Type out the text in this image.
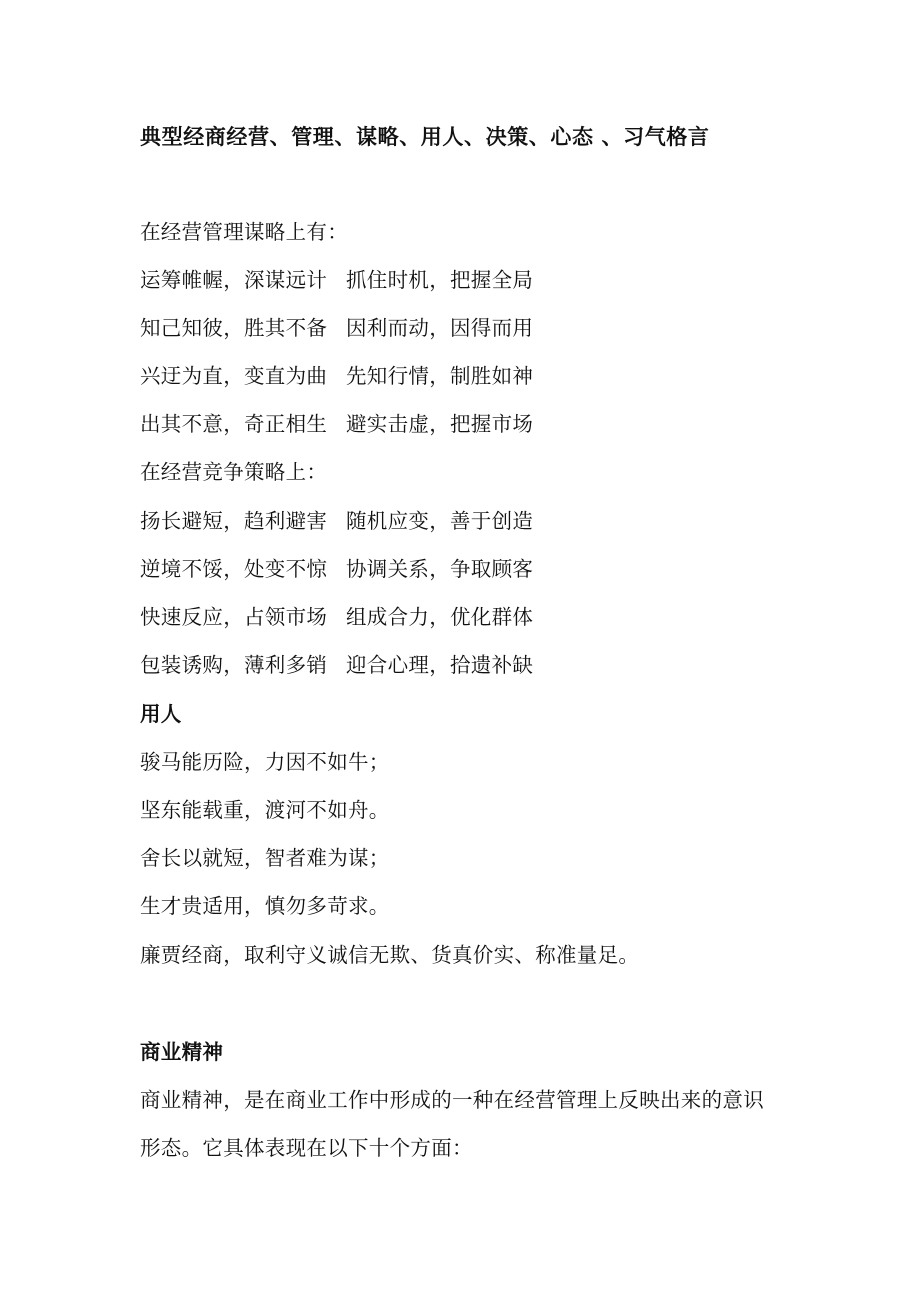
典型经商经营、管理、谋略、用人、决策、心态 、习气格言
在经营管理谋略上有：
运筹帷幄，深谋远计 抓住时机，把握全局
知己知彼，胜其不备 因利而动，因得而用
兴迂为直，变直为曲 先知行情，制胜如神
出其不意，奇正相生 避实击虚，把握市场
在经营竞争策略上：
扬长避短，趋利避害 随机应变，善于创造
逆境不馁，处变不惊 协调关系，争取顾客
快速反应，占领市场 组成合力，优化群体
包装诱购，薄利多销 迎合心理，拾遗补缺
用人
骏马能历险，力因不如牛；
坚东能载重，渡河不如舟。
舍长以就短，智者难为谋；
生才贵适用，慎勿多苛求。
廉贾经商，取利守义诚信无欺、货真价实、称准量足。
商业精神
商业精神，是在商业工作中形成的一种在经营管理上反映出来的意识
形态。它具体表现在以下十个方面：
